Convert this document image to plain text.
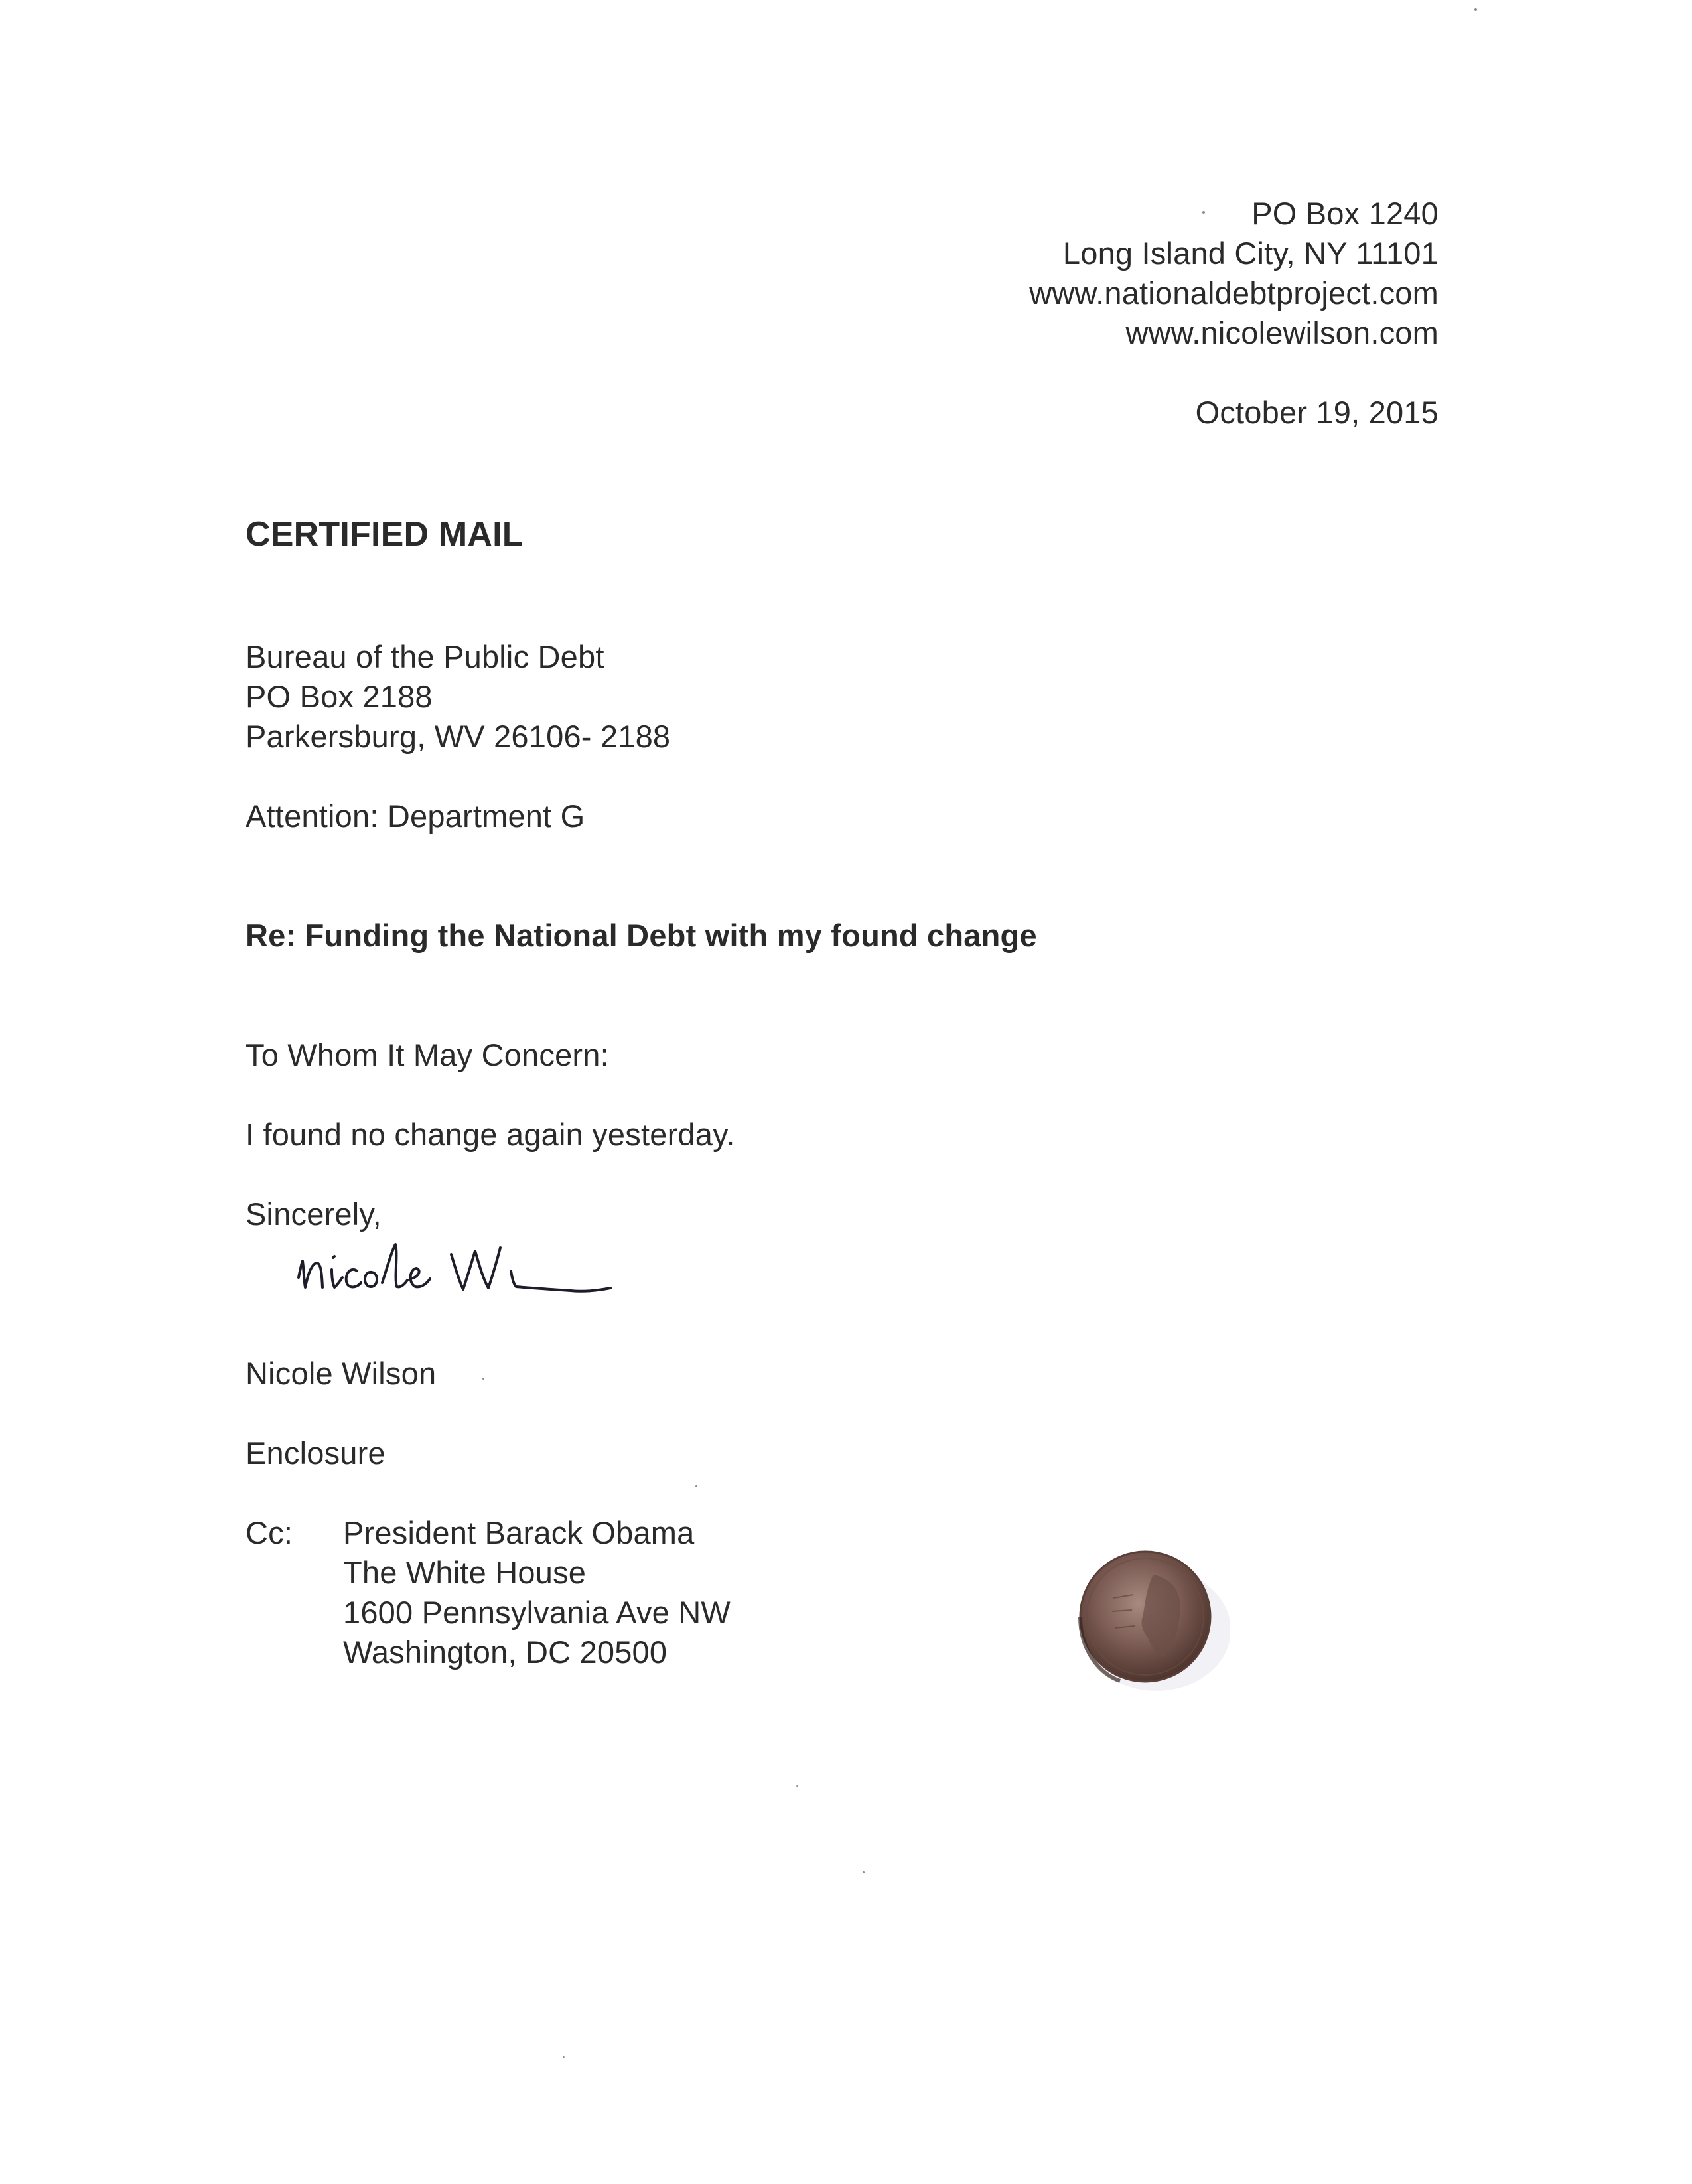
PO Box 1240
Long Island City, NY 11101
www.nationaldebtproject.com
www.nicolewilson.com
October 19, 2015
CERTIFIED MAIL
Bureau of the Public Debt
PO Box 2188
Parkersburg, WV 26106- 2188
Attention: Department G
Re: Funding the National Debt with my found change
To Whom It May Concern:
I found no change again yesterday.
Sincerely,
Nicole Wilson
Enclosure
Cc: President Barack Obama
The White House
1600 Pennsylvania Ave NW
Washington, DC 20500
